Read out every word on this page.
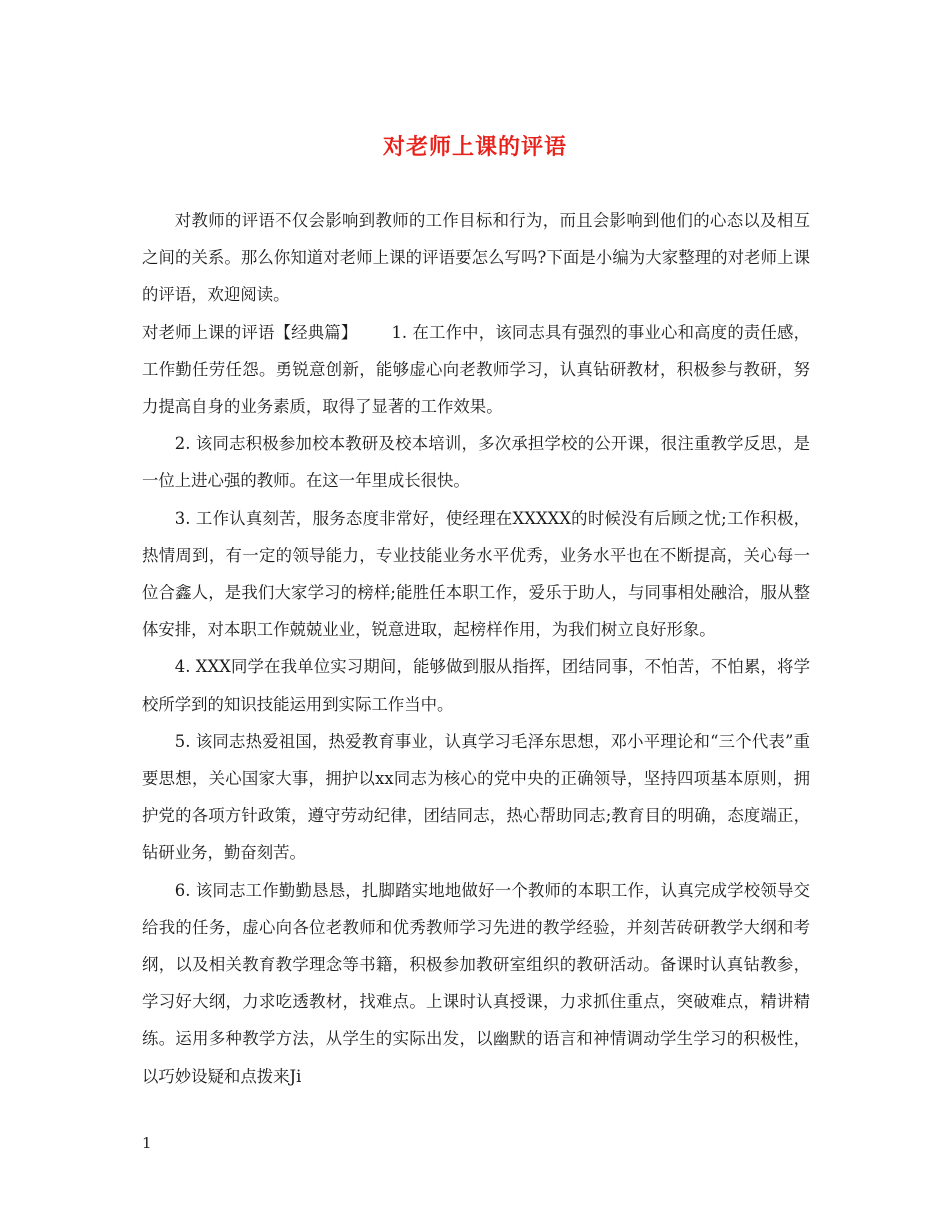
对老师上课的评语

对教师的评语不仅会影响到教师的工作目标和行为，而且会影响到他们的心态以及相互之间的关系。那么你知道对老师上课的评语要怎么写吗?下面是小编为大家整理的对老师上课的评语，欢迎阅读。

对老师上课的评语【经典篇】 1. 在工作中，该同志具有强烈的事业心和高度的责任感，工作勤任劳任怨。勇锐意创新，能够虚心向老教师学习，认真钻研教材，积极参与教研，努力提高自身的业务素质，取得了显著的工作效果。

2. 该同志积极参加校本教研及校本培训，多次承担学校的公开课，很注重教学反思，是一位上进心强的教师。在这一年里成长很快。

3. 工作认真刻苦，服务态度非常好，使经理在XXXXX的时候没有后顾之忧;工作积极，热情周到，有一定的领导能力，专业技能业务水平优秀，业务水平也在不断提高，关心每一位合鑫人，是我们大家学习的榜样;能胜任本职工作，爱乐于助人，与同事相处融洽，服从整体安排，对本职工作兢兢业业，锐意进取，起榜样作用，为我们树立良好形象。

4. XXX同学在我单位实习期间，能够做到服从指挥，团结同事，不怕苦，不怕累，将学校所学到的知识技能运用到实际工作当中。

5. 该同志热爱祖国，热爱教育事业，认真学习毛泽东思想，邓小平理论和“三个代表”重要思想，关心国家大事，拥护以xx同志为核心的党中央的正确领导，坚持四项基本原则，拥护党的各项方针政策，遵守劳动纪律，团结同志，热心帮助同志;教育目的明确，态度端正，钻研业务，勤奋刻苦。

6. 该同志工作勤勤恳恳，扎脚踏实地地做好一个教师的本职工作，认真完成学校领导交给我的任务，虚心向各位老教师和优秀教师学习先进的教学经验，并刻苦砖研教学大纲和考纲，以及相关教育教学理念等书籍，积极参加教研室组织的教研活动。备课时认真钻教参，学习好大纲，力求吃透教材，找难点。上课时认真授课，力求抓住重点，突破难点，精讲精练。运用多种教学方法，从学生的实际出发，以幽默的语言和神情调动学生学习的积极性，以巧妙设疑和点拨来Ji

1
